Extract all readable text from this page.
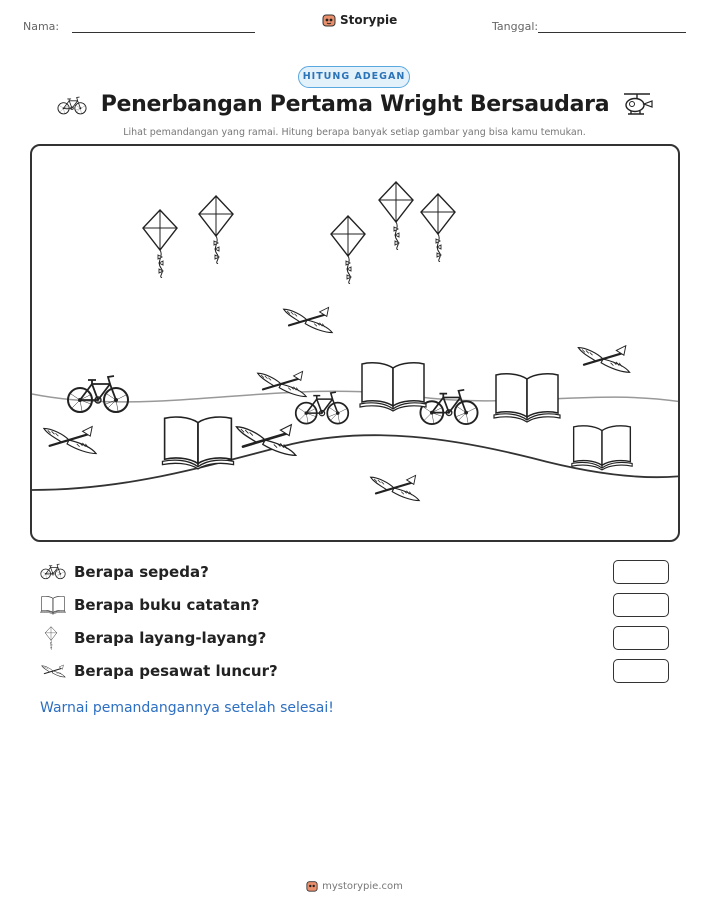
Nama:	Storypie	Tanggal:
HITUNG ADEGAN
Penerbangan Pertama Wright Bersaudara
Lihat pemandangan yang ramai. Hitung berapa banyak setiap gambar yang bisa kamu temukan.
Berapa sepeda?
Berapa buku catatan?
Berapa layang-layang?
Berapa pesawat luncur?
Warnai pemandangannya setelah selesai!
mystorypie.com
